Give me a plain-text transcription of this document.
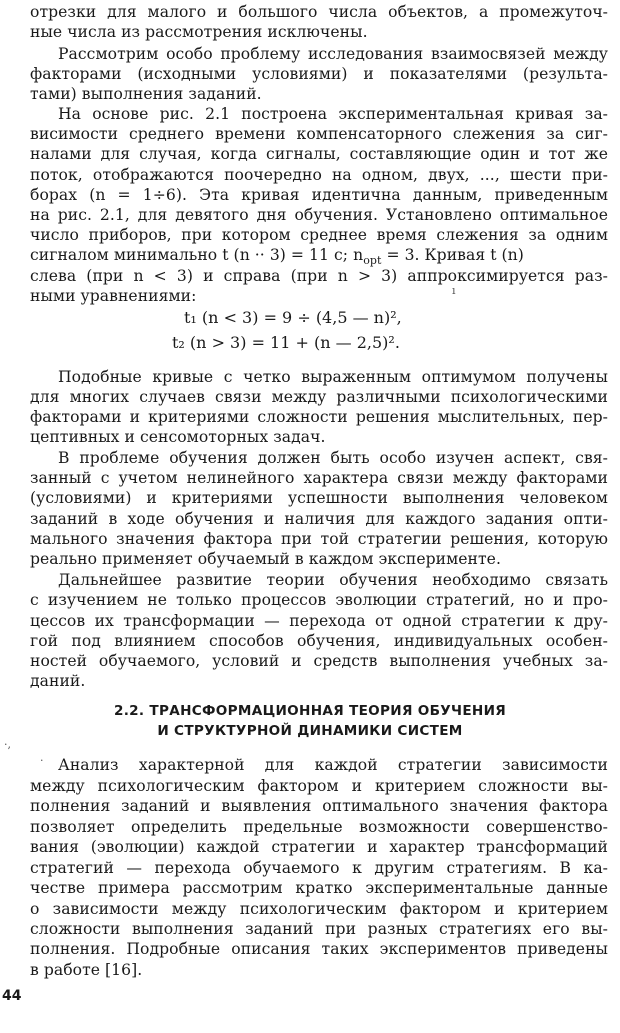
отрезки для малого и большого числа объектов, а промежуточ-
ные числа из рассмотрения исключены.
Рассмотрим особо проблему исследования взаимосвязей между
факторами (исходными условиями) и показателями (результа-
тами) выполнения заданий.
На основе рис. 2.1 построена экспериментальная кривая за-
висимости среднего времени компенсаторного слежения за сиг-
налами для случая, когда сигналы, составляющие один и тот же
поток, отображаются поочередно на одном, двух, ..., шести при-
борах (n = 1÷6). Эта кривая идентична данным, приведенным
на рис. 2.1, для девятого дня обучения. Установлено оптимальное
число приборов, при котором среднее время слежения за одним
сигналом минимально t (n ·· 3) = 11 с; $n_{opt} = 3$. Кривая t (n)
слева (при n < 3) и справа (при n > 3) аппроксимируется раз-
ными уравнениями:	ı
t₁ (n < 3) = 9 ÷ (4,5 — n)²,
t₂ (n > 3) = 11 + (n — 2,5)².
Подобные кривые с четко выраженным оптимумом получены
для многих случаев связи между различными психологическими
факторами и критериями сложности решения мыслительных, пер-
цептивных и сенсомоторных задач.
В проблеме обучения должен быть особо изучен аспект, свя-
занный с учетом нелинейного характера связи между факторами
(условиями) и критериями успешности выполнения человеком
заданий в ходе обучения и наличия для каждого задания опти-
мального значения фактора при той стратегии решения, которую
реально применяет обучаемый в каждом эксперименте.
Дальнейшее развитие теории обучения необходимо связать
с изучением не только процессов эволюции стратегий, но и про-
цессов их трансформации — перехода от одной стратегии к дру-
гой под влиянием способов обучения, индивидуальных особен-
ностей обучаемого, условий и средств выполнения учебных за-
даний.
2.2. ТРАНСФОРМАЦИОННАЯ ТЕОРИЯ ОБУЧЕНИЯ
И СТРУКТУРНОЙ ДИНАМИКИ СИСТЕМ
·,
· Анализ характерной для каждой стратегии зависимости
между психологическим фактором и критерием сложности вы-
полнения заданий и выявления оптимального значения фактора
позволяет определить предельные возможности совершенство-
вания (эволюции) каждой стратегии и характер трансформаций
стратегий — перехода обучаемого к другим стратегиям. В ка-
честве примера рассмотрим кратко экспериментальные данные
о зависимости между психологическим фактором и критерием
сложности выполнения заданий при разных стратегиях его вы-
полнения. Подробные описания таких экспериментов приведены
в работе [16].
44
